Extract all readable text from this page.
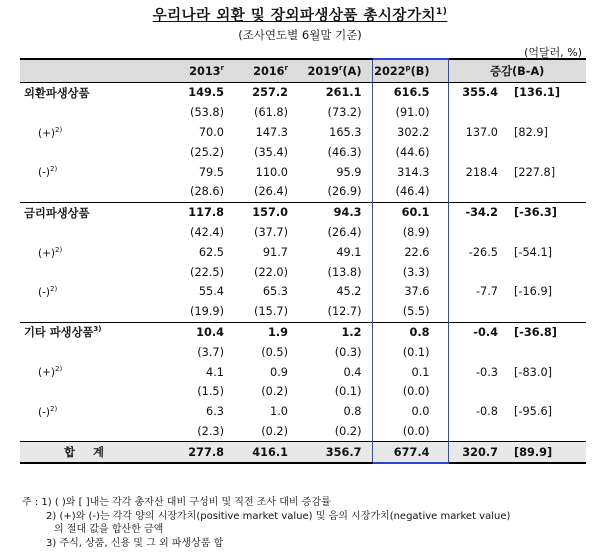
우리나라 외환 및 장외파생상품 총시장가치$^{1)}$
(조사연도별 6월말 기준)
(억달러, %)
	2013$^r$	2016$^r$	2019$^r$(A)	2022$^p$(B)	증감(B-A)	
외환파생상품	149.5	257.2	261.1	616.5	355.4	[136.1]
	(53.8)	(61.8)	(73.2)	(91.0)		
$(+)^{2)}$	70.0	147.3	165.3	302.2	137.0	[82.9]
	(25.2)	(35.4)	(46.3)	(44.6)		
$(-)^{2)}$	79.5	110.0	95.9	314.3	218.4	[227.8]
	(28.6)	(26.4)	(26.9)	(46.4)		
금리파생상품	117.8	157.0	94.3	60.1	-34.2	[-36.3]
	(42.4)	(37.7)	(26.4)	(8.9)		
$(+)^{2)}$	62.5	91.7	49.1	22.6	-26.5	[-54.1]
	(22.5)	(22.0)	(13.8)	(3.3)		
$(-)^{2)}$	55.4	65.3	45.2	37.6	-7.7	[-16.9]
	(19.9)	(15.7)	(12.7)	(5.5)		
기타 파생상품$^{3)}$	10.4	1.9	1.2	0.8	-0.4	[-36.8]
	(3.7)	(0.5)	(0.3)	(0.1)		
$(+)^{2)}$	4.1	0.9	0.4	0.1	-0.3	[-83.0]
	(1.5)	(0.2)	(0.1)	(0.0)		
$(-)^{2)}$	6.3	1.0	0.8	0.0	-0.8	[-95.6]
	(2.3)	(0.2)	(0.2)	(0.0)		
합계	277.8	416.1	356.7	677.4	320.7	[89.9]
주 : 1) ( )와 [ ]내는 각각 총자산 대비 구성비 및 직전 조사 대비 증감률
2) (+)와 (-)는 각각 양의 시장가치(positive market value) 및 음의 시장가치(negative market value)
의 절대 값을 합산한 금액
3) 주식, 상품, 신용 및 그 외 파생상품 합
